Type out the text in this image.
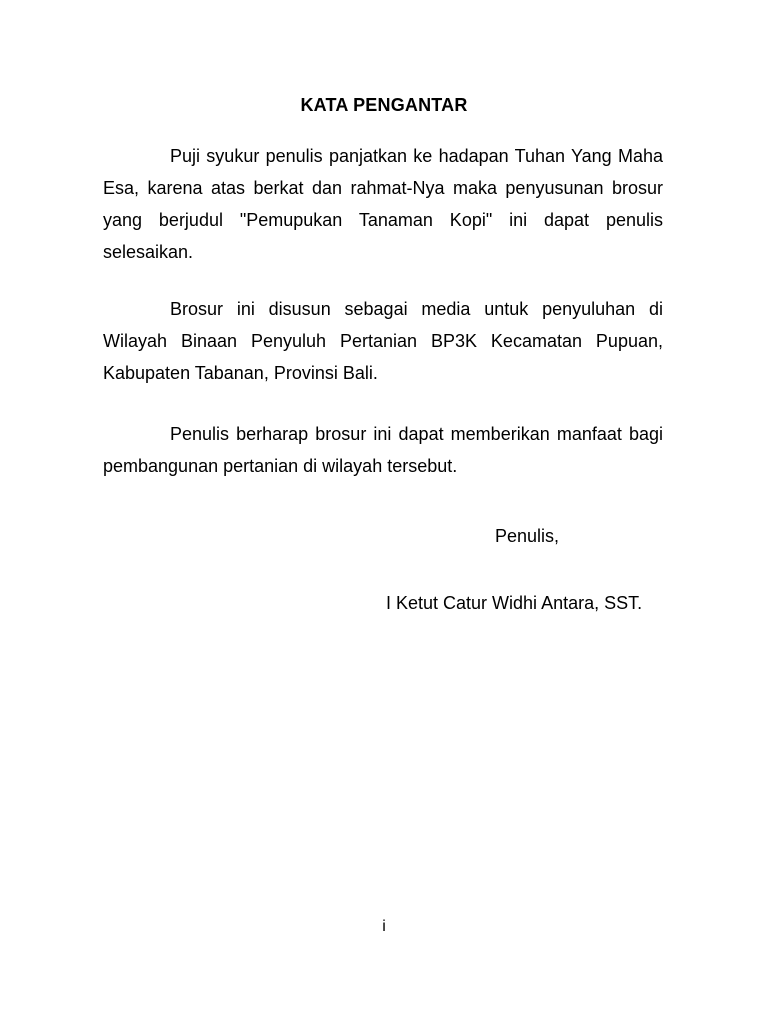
KATA PENGANTAR

Puji syukur penulis panjatkan ke hadapan Tuhan Yang Maha Esa, karena atas berkat dan rahmat-Nya maka penyusunan brosur yang berjudul "Pemupukan Tanaman Kopi" ini dapat penulis selesaikan.

Brosur ini disusun sebagai media untuk penyuluhan di Wilayah Binaan Penyuluh Pertanian BP3K Kecamatan Pupuan, Kabupaten Tabanan, Provinsi Bali.

Penulis berharap brosur ini dapat memberikan manfaat bagi pembangunan pertanian di wilayah tersebut.

Penulis,
I Ketut Catur Widhi Antara, SST.
i
